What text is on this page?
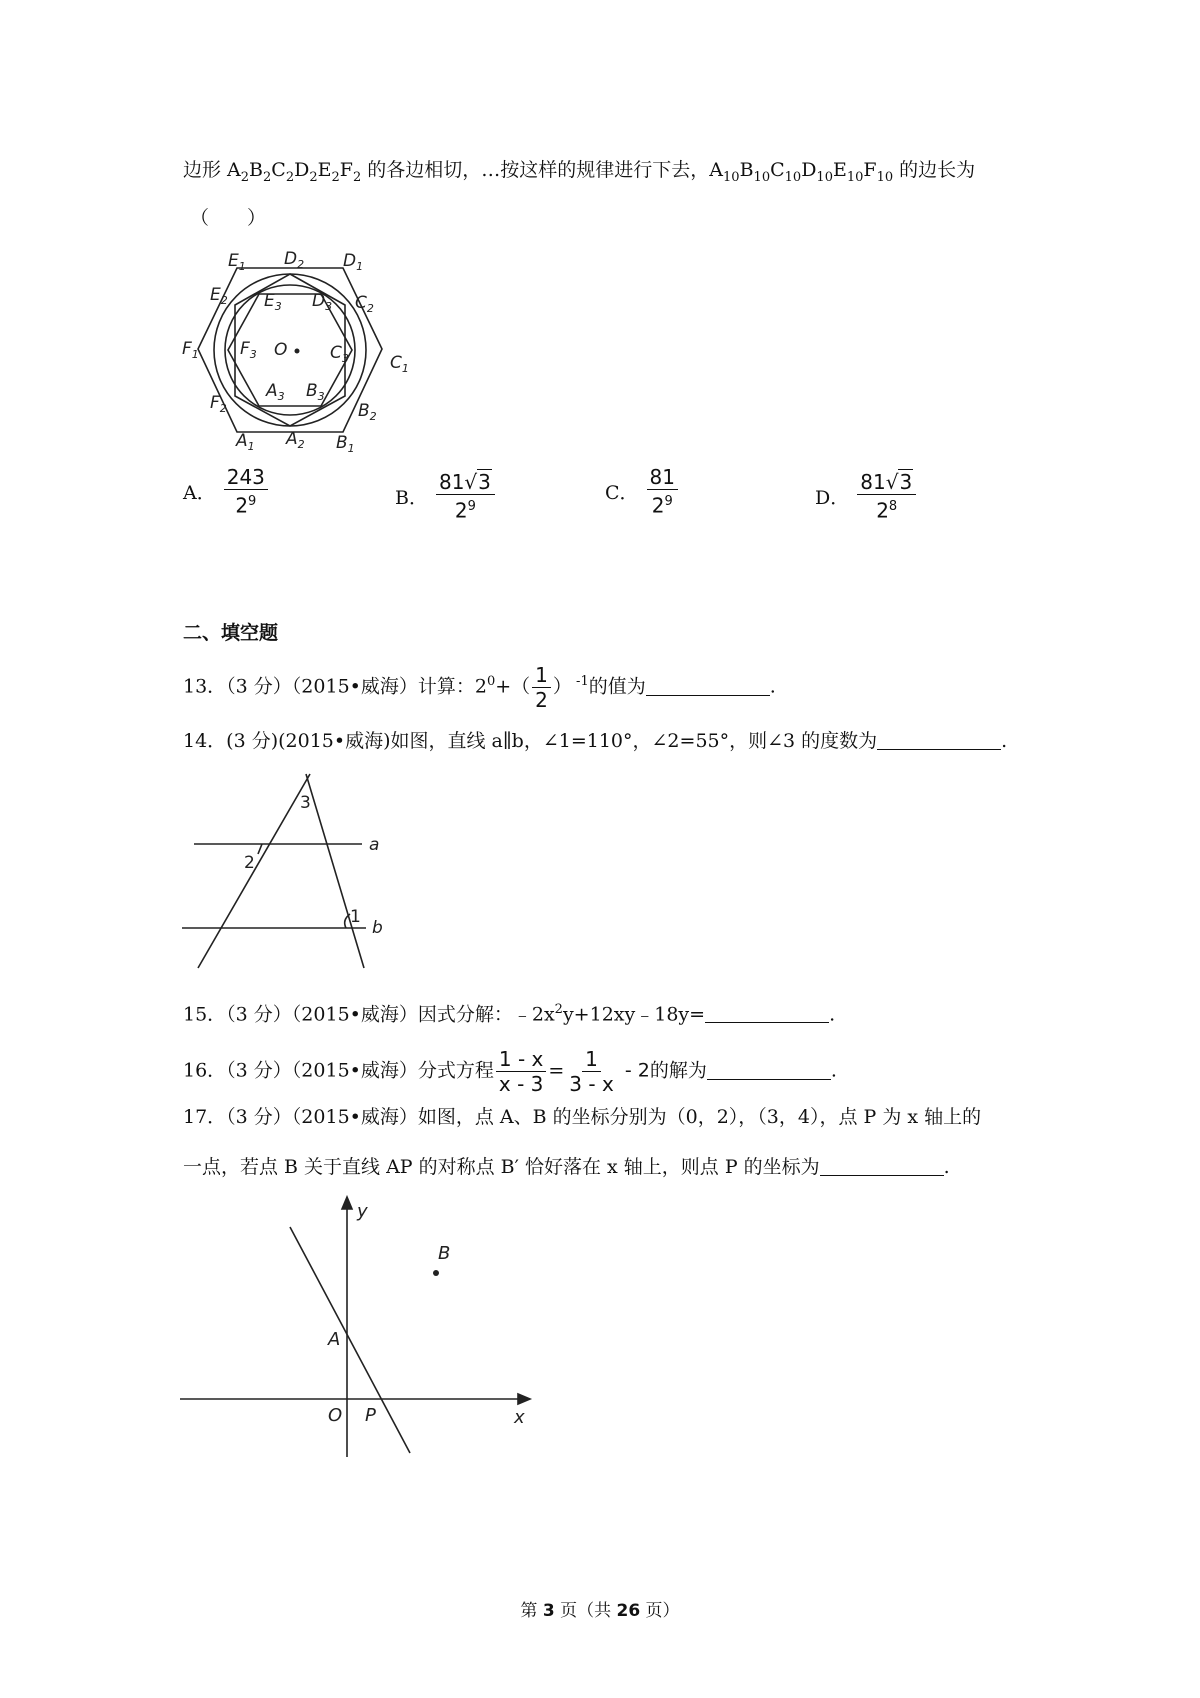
边形 $A_2B_2C_2D_2E_2F_2$ 的各边相切，…按这样的规律进行下去，$A_{10}B_{10}C_{10}D_{10}E_{10}F_{10}$ 的边长为
（　　）
$E_1$ $D_2$ $D_1$
$E_2$	$C_2$
$E_3$ $D_3$
$F_1$ $F_3$ O	$C_3$ $C_1$
$A_3$ $B_3$
$F_2$	$B_2$
$A_1$ $A_2$ $B_1$
A． $\frac{243}{2^9}$	B． $\frac{81√3}{2^9}$	C． $\frac{81}{2^9}$	D． $\frac{81√3}{2^8}$
二、填空题
13．（3 分）（2015•威海）计算：$2^0+( \frac{1}{2}$ ） $^{-1}$的值为	.
14．(3 分)(2015•威海)如图，直线 a∥b，∠1=110°，∠2=55°，则∠3 的度数为	.
3
2
1
a
b
15．（3 分）（2015•威海）因式分解：$﹣2x^2y+12xy﹣18y=$	.
16．（3 分）（2015•威海）分式方程 $\frac{1 - x}{x - 3} = \frac{1}{3 - x} - 2$的解为	.
17．（3 分）（2015•威海）如图，点 A、B 的坐标分别为（0，2），（3，4），点 P 为 x 轴上的
一点，若点 B 关于直线 AP 的对称点 B′ 恰好落在 x 轴上，则点 P 的坐标为	.
y
B
A
O P	x
第 3 页（共 26 页）
